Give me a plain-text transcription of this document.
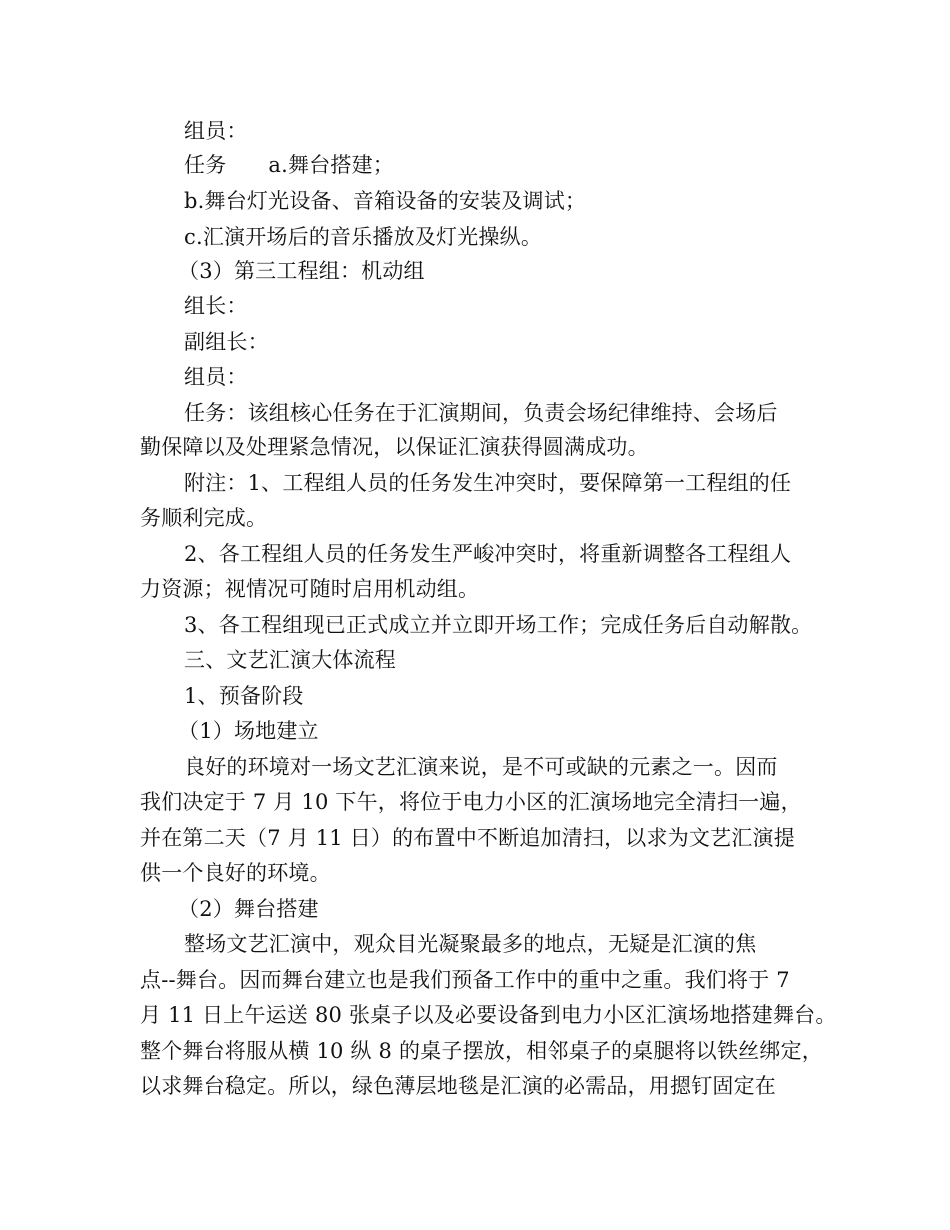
组员：
任务 a.舞台搭建；
b.舞台灯光设备、音箱设备的安装及调试；
c.汇演开场后的音乐播放及灯光操纵。
（3）第三工程组：机动组
组长：
副组长：
组员：
任务：该组核心任务在于汇演期间，负责会场纪律维持、会场后
勤保障以及处理紧急情况，以保证汇演获得圆满成功。
附注：1、工程组人员的任务发生冲突时，要保障第一工程组的任
务顺利完成。
2、各工程组人员的任务发生严峻冲突时，将重新调整各工程组人
力资源；视情况可随时启用机动组。
3、各工程组现已正式成立并立即开场工作；完成任务后自动解散。
三、文艺汇演大体流程
1、预备阶段
（1）场地建立
良好的环境对一场文艺汇演来说，是不可或缺的元素之一。因而
我们决定于 7 月 10 下午，将位于电力小区的汇演场地完全清扫一遍，
并在第二天（7 月 11 日）的布置中不断追加清扫，以求为文艺汇演提
供一个良好的环境。
（2）舞台搭建
整场文艺汇演中，观众目光凝聚最多的地点，无疑是汇演的焦
点--舞台。因而舞台建立也是我们预备工作中的重中之重。我们将于 7
月 11 日上午运送 80 张桌子以及必要设备到电力小区汇演场地搭建舞台。
整个舞台将服从横 10 纵 8 的桌子摆放，相邻桌子的桌腿将以铁丝绑定，
以求舞台稳定。所以，绿色薄层地毯是汇演的必需品，用摁钉固定在
